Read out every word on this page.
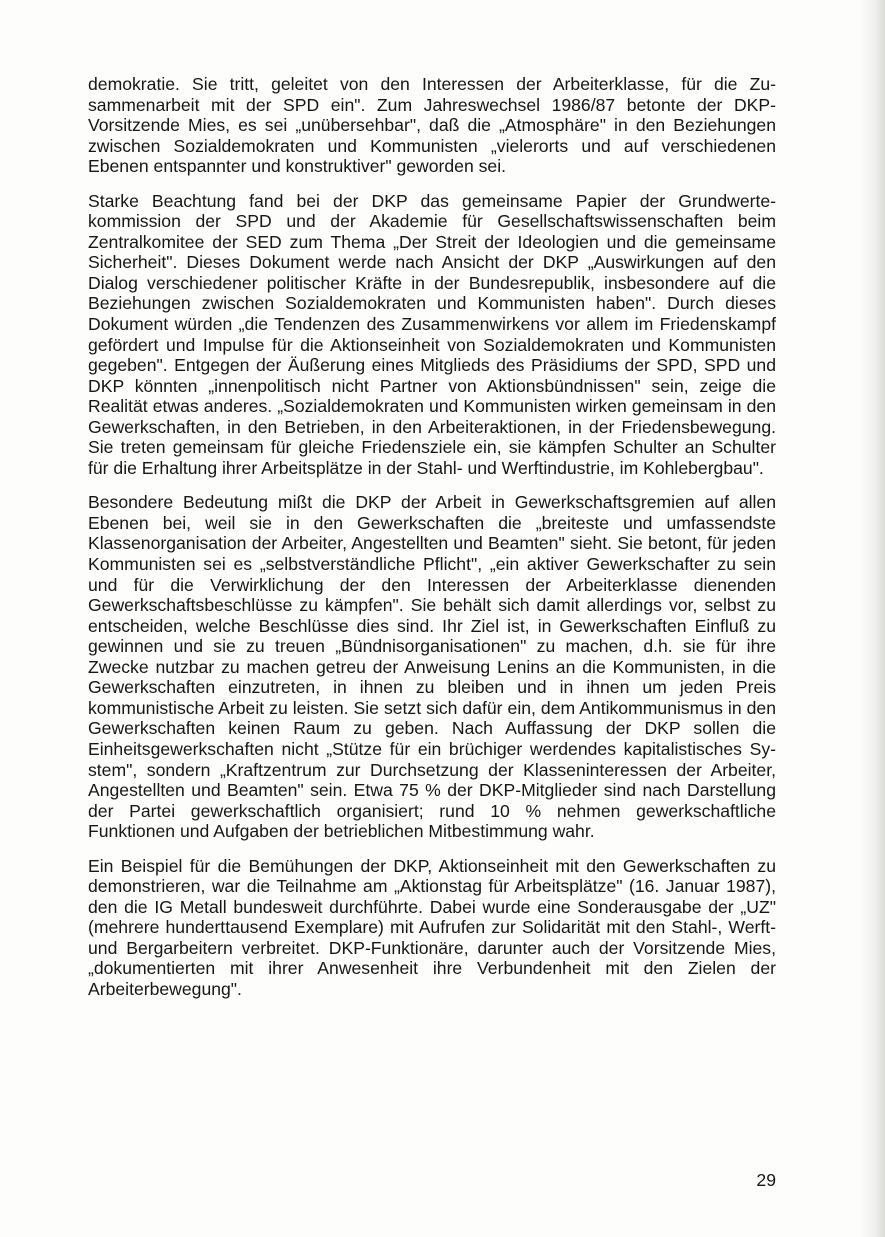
demokratie. Sie tritt, geleitet von den Interessen der Arbeiterklasse, für die Zusammenarbeit mit der SPD ein". Zum Jahreswechsel 1986/87 betonte der DKP-Vorsitzende Mies, es sei „unübersehbar", daß die „Atmosphäre" in den Beziehungen zwischen Sozialdemokraten und Kommunisten „vielerorts und auf verschiedenen Ebenen entspannter und konstruktiver" geworden sei.

Starke Beachtung fand bei der DKP das gemeinsame Papier der Grundwertekommission der SPD und der Akademie für Gesellschaftswissenschaften beim Zentralkomitee der SED zum Thema „Der Streit der Ideologien und die gemeinsame Sicherheit". Dieses Dokument werde nach Ansicht der DKP „Auswirkungen auf den Dialog verschiedener politischer Kräfte in der Bundesrepublik, insbesondere auf die Beziehungen zwischen Sozialdemokraten und Kommunisten haben". Durch dieses Dokument würden „die Tendenzen des Zusammenwirkens vor allem im Friedenskampf gefördert und Impulse für die Aktionseinheit von Sozialdemokraten und Kommunisten gegeben". Entgegen der Äußerung eines Mitglieds des Präsidiums der SPD, SPD und DKP könnten „innenpolitisch nicht Partner von Aktionsbündnissen" sein, zeige die Realität etwas anderes. „Sozialdemokraten und Kommunisten wirken gemeinsam in den Gewerkschaften, in den Betrieben, in den Arbeiteraktionen, in der Friedensbewegung. Sie treten gemeinsam für gleiche Friedensziele ein, sie kämpfen Schulter an Schulter für die Erhaltung ihrer Arbeitsplätze in der Stahl- und Werftindustrie, im Kohlebergbau".

Besondere Bedeutung mißt die DKP der Arbeit in Gewerkschaftsgremien auf allen Ebenen bei, weil sie in den Gewerkschaften die „breiteste und umfassendste Klassenorganisation der Arbeiter, Angestellten und Beamten" sieht. Sie betont, für jeden Kommunisten sei es „selbstverständliche Pflicht", „ein aktiver Gewerkschafter zu sein und für die Verwirklichung der den Interessen der Arbeiterklasse dienenden Gewerkschaftsbeschlüsse zu kämpfen". Sie behält sich damit allerdings vor, selbst zu entscheiden, welche Beschlüsse dies sind. Ihr Ziel ist, in Gewerkschaften Einfluß zu gewinnen und sie zu treuen „Bündnisorganisationen" zu machen, d.h. sie für ihre Zwecke nutzbar zu machen getreu der Anweisung Lenins an die Kommunisten, in die Gewerkschaften einzutreten, in ihnen zu bleiben und in ihnen um jeden Preis kommunistische Arbeit zu leisten. Sie setzt sich dafür ein, dem Antikommunismus in den Gewerkschaften keinen Raum zu geben. Nach Auffassung der DKP sollen die Einheitsgewerkschaften nicht „Stütze für ein brüchiger werdendes kapitalistisches System", sondern „Kraftzentrum zur Durchsetzung der Klasseninteressen der Arbeiter, Angestellten und Beamten" sein. Etwa 75 % der DKP-Mitglieder sind nach Darstellung der Partei gewerkschaftlich organisiert; rund 10 % nehmen gewerkschaftliche Funktionen und Aufgaben der betrieblichen Mitbestimmung wahr.

Ein Beispiel für die Bemühungen der DKP, Aktionseinheit mit den Gewerkschaften zu demonstrieren, war die Teilnahme am „Aktionstag für Arbeitsplätze" (16. Januar 1987), den die IG Metall bundesweit durchführte. Dabei wurde eine Sonderausgabe der „UZ" (mehrere hunderttausend Exemplare) mit Aufrufen zur Solidarität mit den Stahl-, Werft- und Bergarbeitern verbreitet. DKP-Funktionäre, darunter auch der Vorsitzende Mies, „dokumentierten mit ihrer Anwesenheit ihre Verbundenheit mit den Zielen der Arbeiterbewegung".

29
